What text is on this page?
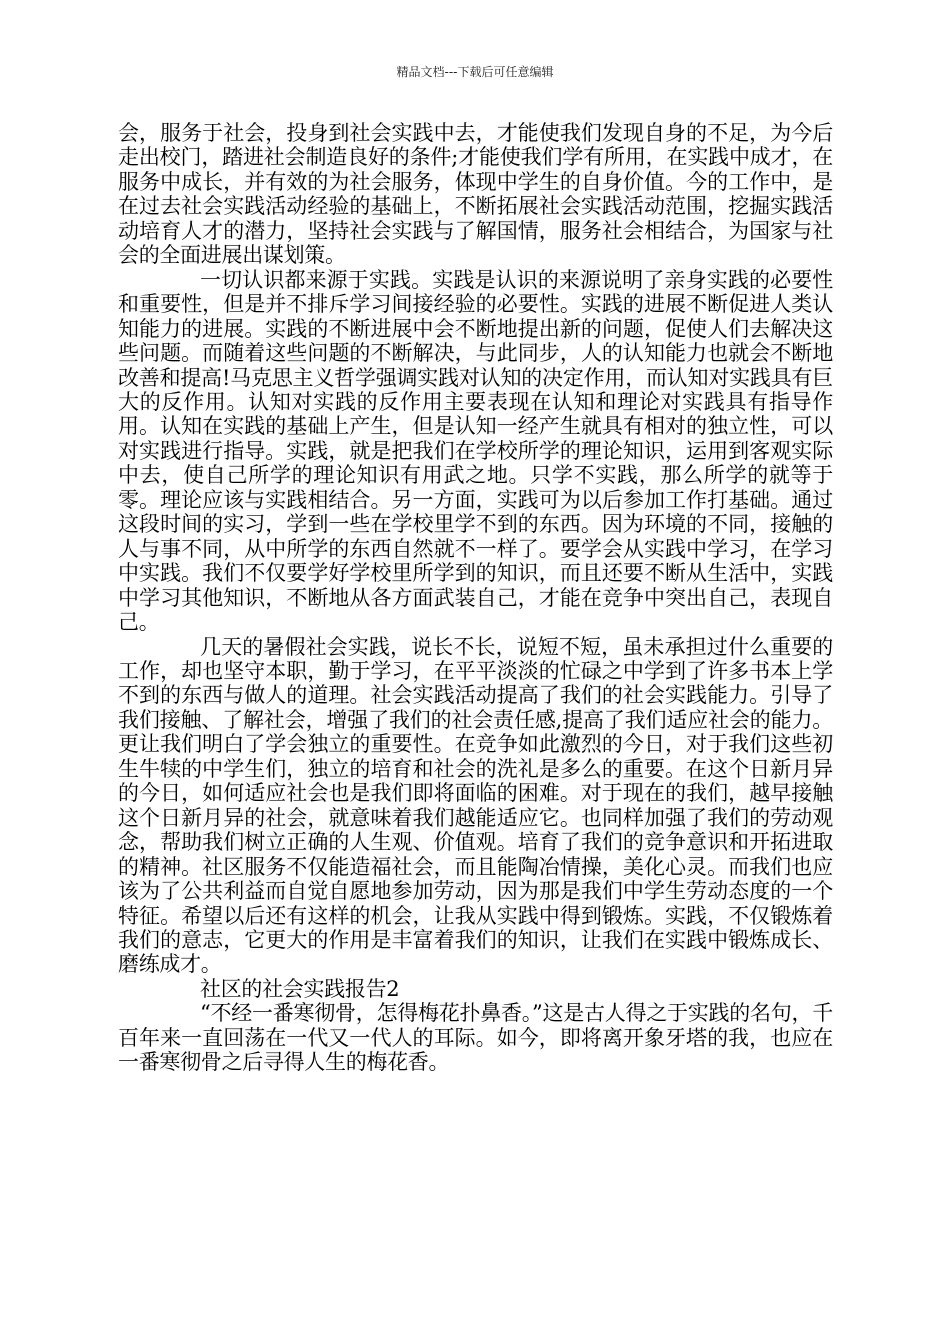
精品文档---下载后可任意编辑

会，服务于社会，投身到社会实践中去，才能使我们发现自身的不足，为今后走出校门，踏进社会制造良好的条件;才能使我们学有所用，在实践中成才，在服务中成长，并有效的为社会服务，体现中学生的自身价值。今的工作中，是在过去社会实践活动经验的基础上，不断拓展社会实践活动范围，挖掘实践活动培育人才的潜力，坚持社会实践与了解国情，服务社会相结合，为国家与社会的全面进展出谋划策。

一切认识都来源于实践。实践是认识的来源说明了亲身实践的必要性和重要性，但是并不排斥学习间接经验的必要性。实践的进展不断促进人类认知能力的进展。实践的不断进展中会不断地提出新的问题，促使人们去解决这些问题。而随着这些问题的不断解决，与此同步，人的认知能力也就会不断地改善和提高!马克思主义哲学强调实践对认知的决定作用，而认知对实践具有巨大的反作用。认知对实践的反作用主要表现在认知和理论对实践具有指导作用。认知在实践的基础上产生，但是认知一经产生就具有相对的独立性，可以对实践进行指导。实践，就是把我们在学校所学的理论知识，运用到客观实际中去，使自己所学的理论知识有用武之地。只学不实践，那么所学的就等于零。理论应该与实践相结合。另一方面，实践可为以后参加工作打基础。通过这段时间的实习，学到一些在学校里学不到的东西。因为环境的不同，接触的人与事不同，从中所学的东西自然就不一样了。要学会从实践中学习，在学习中实践。我们不仅要学好学校里所学到的知识，而且还要不断从生活中，实践中学习其他知识，不断地从各方面武装自己，才能在竞争中突出自己，表现自己。

几天的暑假社会实践，说长不长，说短不短，虽未承担过什么重要的工作，却也坚守本职，勤于学习，在平平淡淡的忙碌之中学到了许多书本上学不到的东西与做人的道理。社会实践活动提高了我们的社会实践能力。引导了我们接触、了解社会，增强了我们的社会责任感,提高了我们适应社会的能力。更让我们明白了学会独立的重要性。在竞争如此激烈的今日，对于我们这些初生牛犊的中学生们，独立的培育和社会的洗礼是多么的重要。在这个日新月异的今日，如何适应社会也是我们即将面临的困难。对于现在的我们，越早接触这个日新月异的社会，就意味着我们越能适应它。也同样加强了我们的劳动观念，帮助我们树立正确的人生观、价值观。培育了我们的竞争意识和开拓进取的精神。社区服务不仅能造福社会，而且能陶冶情操，美化心灵。而我们也应该为了公共利益而自觉自愿地参加劳动，因为那是我们中学生劳动态度的一个特征。希望以后还有这样的机会，让我从实践中得到锻炼。实践，不仅锻炼着我们的意志，它更大的作用是丰富着我们的知识，让我们在实践中锻炼成长、磨练成才。

社区的社会实践报告2

“不经一番寒彻骨，怎得梅花扑鼻香。”这是古人得之于实践的名句，千百年来一直回荡在一代又一代人的耳际。如今，即将离开象牙塔的我，也应在一番寒彻骨之后寻得人生的梅花香。
